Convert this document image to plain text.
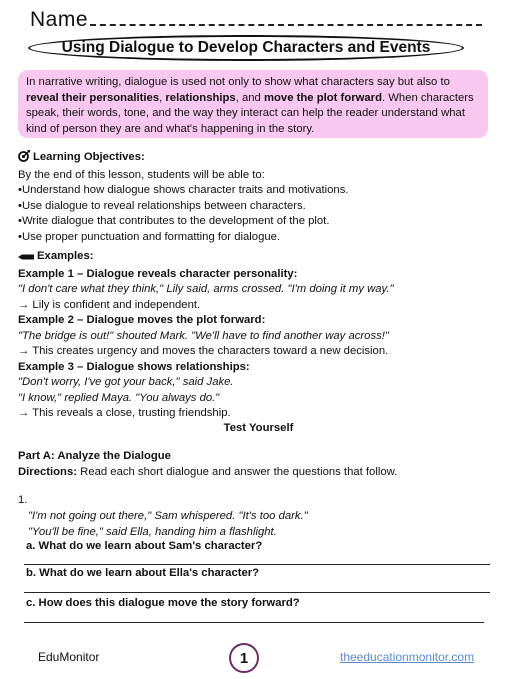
Name
Using Dialogue to Develop Characters and Events

In narrative writing, dialogue is used not only to show what characters say but also to reveal their personalities, relationships, and move the plot forward. When characters speak, their words, tone, and the way they interact can help the reader understand what kind of person they are and what's happening in the story.

Learning Objectives:

By the end of this lesson, students will be able to:

•Understand how dialogue shows character traits and motivations.

•Use dialogue to reveal relationships between characters.

•Write dialogue that contributes to the development of the plot.

•Use proper punctuation and formatting for dialogue.

Examples:

Example 1 – Dialogue reveals character personality:

"I don't care what they think," Lily said, arms crossed. "I'm doing it my way."

→ Lily is confident and independent.

Example 2 – Dialogue moves the plot forward:

"The bridge is out!" shouted Mark. "We'll have to find another way across!"

→ This creates urgency and moves the characters toward a new decision.

Example 3 – Dialogue shows relationships:

"Don't worry, I've got your back," said Jake.

"I know," replied Maya. "You always do."

→ This reveals a close, trusting friendship.

Test Yourself

Part A: Analyze the Dialogue

Directions: Read each short dialogue and answer the questions that follow.

1.

"I'm not going out there," Sam whispered. "It's too dark."

"You'll be fine," said Ella, handing him a flashlight.

a. What do we learn about Sam's character?
b. What do we learn about Ella's character?
c. How does this dialogue move the story forward?
EduMonitor	1	theeducationmonitor.com
